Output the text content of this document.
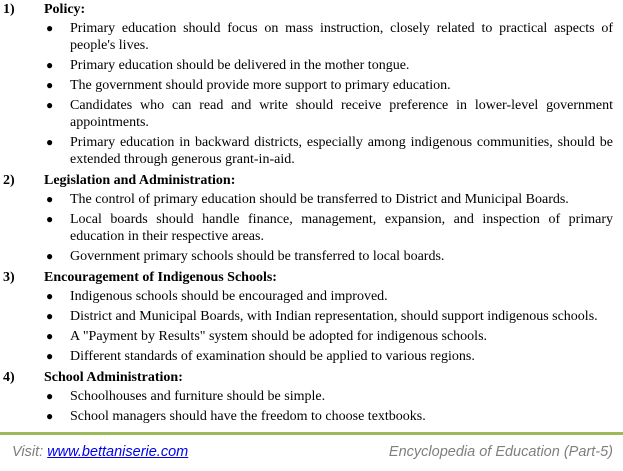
1) Policy:
● Primary education should focus on mass instruction, closely related to practical aspects of people's lives.
● Primary education should be delivered in the mother tongue.
● The government should provide more support to primary education.
● Candidates who can read and write should receive preference in lower-level government appointments.
● Primary education in backward districts, especially among indigenous communities, should be extended through generous grant-in-aid.
2) Legislation and Administration:
● The control of primary education should be transferred to District and Municipal Boards.
● Local boards should handle finance, management, expansion, and inspection of primary education in their respective areas.
● Government primary schools should be transferred to local boards.
3) Encouragement of Indigenous Schools:
● Indigenous schools should be encouraged and improved.
● District and Municipal Boards, with Indian representation, should support indigenous schools.
● A "Payment by Results" system should be adopted for indigenous schools.
● Different standards of examination should be applied to various regions.
4) School Administration:
● Schoolhouses and furniture should be simple.
● School managers should have the freedom to choose textbooks.
Visit: www.bettaniserie.com	Encyclopedia of Education (Part-5)
